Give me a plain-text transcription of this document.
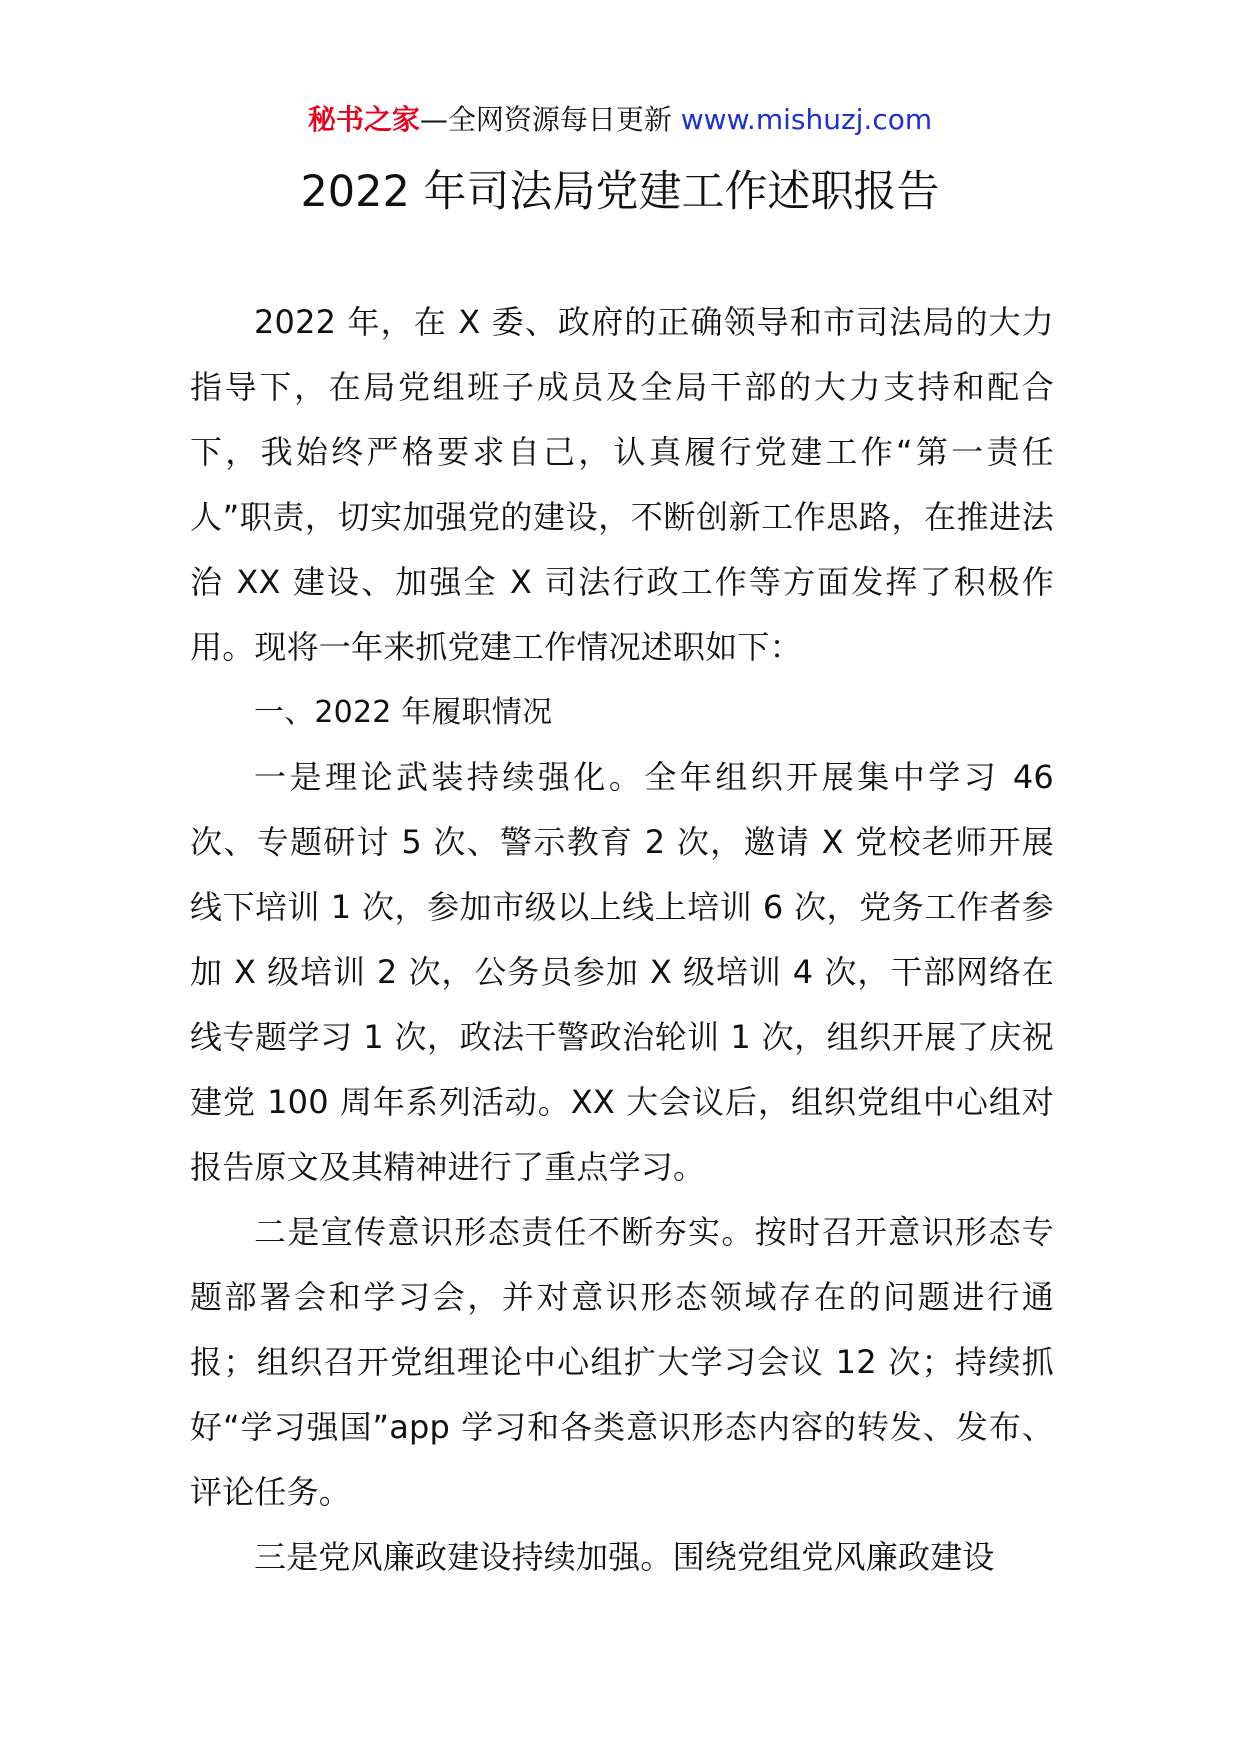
秘书之家—全网资源每日更新 www.mishuzj.com
2022 年司法局党建工作述职报告

2022 年，在 X 委、政府的正确领导和市司法局的大力指导下，在局党组班子成员及全局干部的大力支持和配合下，我始终严格要求自己，认真履行党建工作“第一责任人”职责，切实加强党的建设，不断创新工作思路，在推进法治 XX 建设、加强全 X 司法行政工作等方面发挥了积极作用。现将一年来抓党建工作情况述职如下：

一、2022 年履职情况

一是理论武装持续强化。全年组织开展集中学习 46 次、专题研讨 5 次、警示教育 2 次，邀请 X 党校老师开展线下培训 1 次，参加市级以上线上培训 6 次，党务工作者参加 X 级培训 2 次，公务员参加 X 级培训 4 次，干部网络在线专题学习 1 次，政法干警政治轮训 1 次，组织开展了庆祝建党 100 周年系列活动。XX 大会议后，组织党组中心组对报告原文及其精神进行了重点学习。

二是宣传意识形态责任不断夯实。按时召开意识形态专题部署会和学习会，并对意识形态领域存在的问题进行通报；组织召开党组理论中心组扩大学习会议 12 次；持续抓好“学习强国”app 学习和各类意识形态内容的转发、发布、评论任务。

三是党风廉政建设持续加强。围绕党组党风廉政建设
